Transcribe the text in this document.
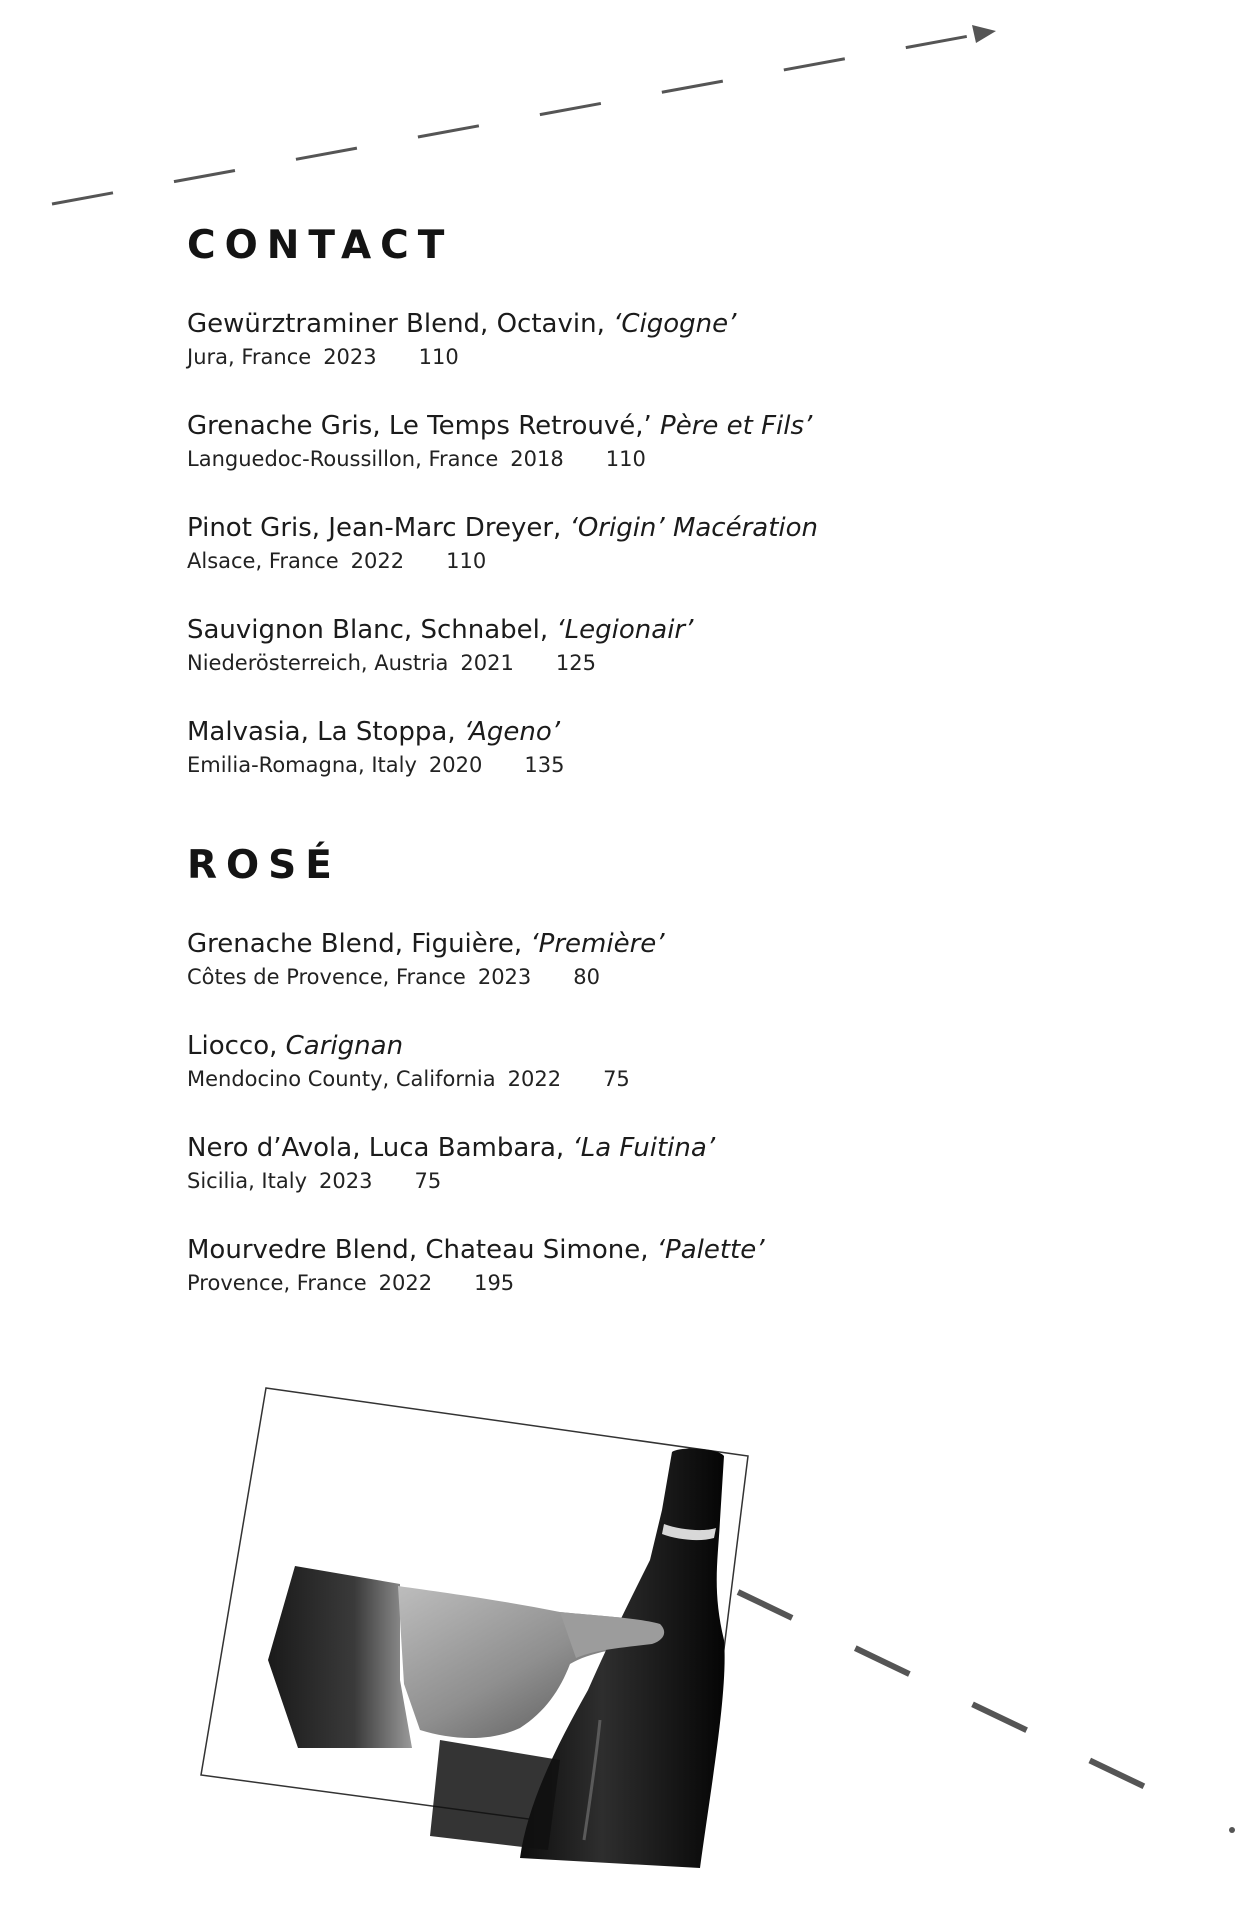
CONTACT
Gewürztraminer Blend, Octavin, ‘Cigogne’
Jura, France 2023 110
Grenache Gris, Le Temps Retrouvé,’ Père et Fils’
Languedoc-Roussillon, France 2018 110
Pinot Gris, Jean-Marc Dreyer, ‘Origin’ Macération
Alsace, France 2022 110
Sauvignon Blanc, Schnabel, ‘Legionair’
Niederösterreich, Austria 2021 125
Malvasia, La Stoppa, ‘Ageno’
Emilia-Romagna, Italy 2020 135
ROSÉ
Grenache Blend, Figuière, ‘Première’
Côtes de Provence, France 2023 80
Liocco, Carignan
Mendocino County, California 2022 75
Nero d’Avola, Luca Bambara, ‘La Fuitina’
Sicilia, Italy 2023 75
Mourvedre Blend, Chateau Simone, ‘Palette’
Provence, France 2022 195
